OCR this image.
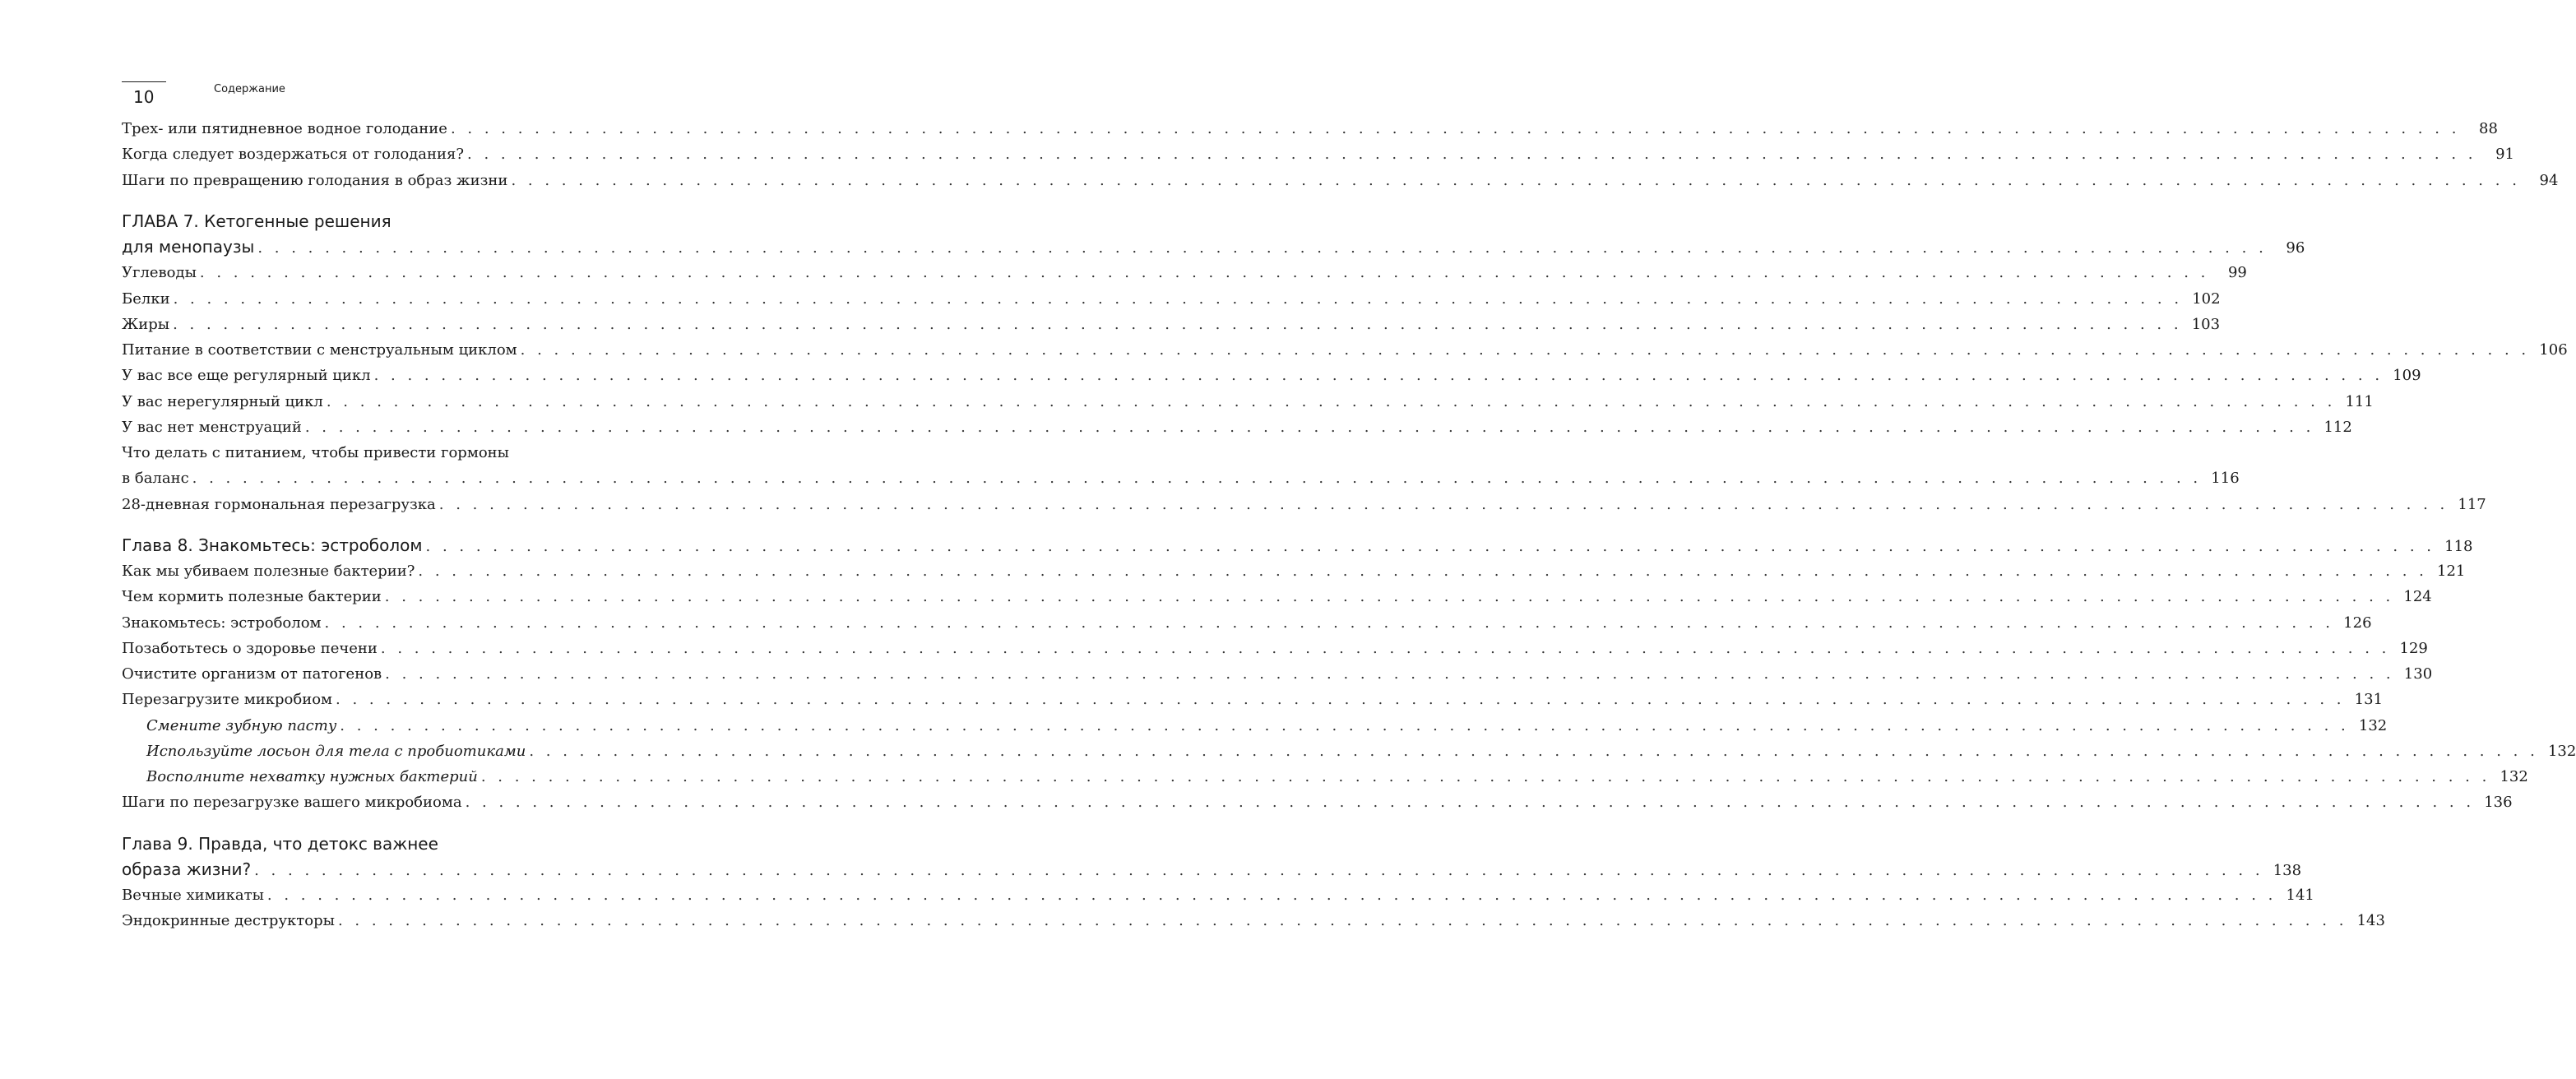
10	Содержание
Трех- или пятидневное водное голодание . . . . . . . . . . . . . . . . . . . . . . . . . . . . . . . . . . . . . . . . . . . . . . . . . . . . . . . . . . . . . . . . . . . . . . . . . . . . . . . . . . . . . . . . . . . . . . . . . . . . . . . . . . . . . . . . . . . . . . . .	88
Когда следует воздержаться от голодания? . . . . . . . . . . . . . . . . . . . . . . . . . . . . . . . . . . . . . . . . . . . . . . . . . . . . . . . . . . . . . . . . . . . . . . . . . . . . . . . . . . . . . . . . . . . . . . . . . . . . . . . . . . . . . . . . . . . . . . . .	91
Шаги по превращению голодания в образ жизни . . . . . . . . . . . . . . . . . . . . . . . . . . . . . . . . . . . . . . . . . . . . . . . . . . . . . . . . . . . . . . . . . . . . . . . . . . . . . . . . . . . . . . . . . . . . . . . . . . . . . . . . . . . . . . . . . . . . . . . .	94
ГЛАВА 7. Кетогенные решения
для менопаузы . . . . . . . . . . . . . . . . . . . . . . . . . . . . . . . . . . . . . . . . . . . . . . . . . . . . . . . . . . . . . . . . . . . . . . . . . . . . . . . . . . . . . . . . . . . . . . . . . . . . . . . . . . . . . . . . . . . . . . . .	96
Углеводы . . . . . . . . . . . . . . . . . . . . . . . . . . . . . . . . . . . . . . . . . . . . . . . . . . . . . . . . . . . . . . . . . . . . . . . . . . . . . . . . . . . . . . . . . . . . . . . . . . . . . . . . . . . . . . . . . . . . . . . .	99
Белки . . . . . . . . . . . . . . . . . . . . . . . . . . . . . . . . . . . . . . . . . . . . . . . . . . . . . . . . . . . . . . . . . . . . . . . . . . . . . . . . . . . . . . . . . . . . . . . . . . . . . . . . . . . . . . . . . . . . . . . . 102
Жиры . . . . . . . . . . . . . . . . . . . . . . . . . . . . . . . . . . . . . . . . . . . . . . . . . . . . . . . . . . . . . . . . . . . . . . . . . . . . . . . . . . . . . . . . . . . . . . . . . . . . . . . . . . . . . . . . . . . . . . . . 103
Питание в соответствии с менструальным циклом . . . . . . . . . . . . . . . . . . . . . . . . . . . . . . . . . . . . . . . . . . . . . . . . . . . . . . . . . . . . . . . . . . . . . . . . . . . . . . . . . . . . . . . . . . . . . . . . . . . . . . . . . . . . . . . . . . . . . . . . 106
У вас все еще регулярный цикл . . . . . . . . . . . . . . . . . . . . . . . . . . . . . . . . . . . . . . . . . . . . . . . . . . . . . . . . . . . . . . . . . . . . . . . . . . . . . . . . . . . . . . . . . . . . . . . . . . . . . . . . . . . . . . . . . . . . . . . . 109
У вас нерегулярный цикл . . . . . . . . . . . . . . . . . . . . . . . . . . . . . . . . . . . . . . . . . . . . . . . . . . . . . . . . . . . . . . . . . . . . . . . . . . . . . . . . . . . . . . . . . . . . . . . . . . . . . . . . . . . . . . . . . . . . . . . . 111
У вас нет менструаций . . . . . . . . . . . . . . . . . . . . . . . . . . . . . . . . . . . . . . . . . . . . . . . . . . . . . . . . . . . . . . . . . . . . . . . . . . . . . . . . . . . . . . . . . . . . . . . . . . . . . . . . . . . . . . . . . . . . . . . . 112
Что делать с питанием, чтобы привести гормоны
в баланс . . . . . . . . . . . . . . . . . . . . . . . . . . . . . . . . . . . . . . . . . . . . . . . . . . . . . . . . . . . . . . . . . . . . . . . . . . . . . . . . . . . . . . . . . . . . . . . . . . . . . . . . . . . . . . . . . . . . . . . . 116
28-дневная гормональная перезагрузка . . . . . . . . . . . . . . . . . . . . . . . . . . . . . . . . . . . . . . . . . . . . . . . . . . . . . . . . . . . . . . . . . . . . . . . . . . . . . . . . . . . . . . . . . . . . . . . . . . . . . . . . . . . . . . . . . . . . . . . . 117
Глава 8. Знакомьтесь: эстроболом . . . . . . . . . . . . . . . . . . . . . . . . . . . . . . . . . . . . . . . . . . . . . . . . . . . . . . . . . . . . . . . . . . . . . . . . . . . . . . . . . . . . . . . . . . . . . . . . . . . . . . . . . . . . . . . . . . . . . . . . 118
Как мы убиваем полезные бактерии? . . . . . . . . . . . . . . . . . . . . . . . . . . . . . . . . . . . . . . . . . . . . . . . . . . . . . . . . . . . . . . . . . . . . . . . . . . . . . . . . . . . . . . . . . . . . . . . . . . . . . . . . . . . . . . . . . . . . . . . . 121
Чем кормить полезные бактерии . . . . . . . . . . . . . . . . . . . . . . . . . . . . . . . . . . . . . . . . . . . . . . . . . . . . . . . . . . . . . . . . . . . . . . . . . . . . . . . . . . . . . . . . . . . . . . . . . . . . . . . . . . . . . . . . . . . . . . . . 124
Знакомьтесь: эстроболом . . . . . . . . . . . . . . . . . . . . . . . . . . . . . . . . . . . . . . . . . . . . . . . . . . . . . . . . . . . . . . . . . . . . . . . . . . . . . . . . . . . . . . . . . . . . . . . . . . . . . . . . . . . . . . . . . . . . . . . . 126
Позаботьтесь о здоровье печени . . . . . . . . . . . . . . . . . . . . . . . . . . . . . . . . . . . . . . . . . . . . . . . . . . . . . . . . . . . . . . . . . . . . . . . . . . . . . . . . . . . . . . . . . . . . . . . . . . . . . . . . . . . . . . . . . . . . . . . . 129
Очистите организм от патогенов . . . . . . . . . . . . . . . . . . . . . . . . . . . . . . . . . . . . . . . . . . . . . . . . . . . . . . . . . . . . . . . . . . . . . . . . . . . . . . . . . . . . . . . . . . . . . . . . . . . . . . . . . . . . . . . . . . . . . . . . 130
Перезагрузите микробиом . . . . . . . . . . . . . . . . . . . . . . . . . . . . . . . . . . . . . . . . . . . . . . . . . . . . . . . . . . . . . . . . . . . . . . . . . . . . . . . . . . . . . . . . . . . . . . . . . . . . . . . . . . . . . . . . . . . . . . . . 131
Смените зубную пасту . . . . . . . . . . . . . . . . . . . . . . . . . . . . . . . . . . . . . . . . . . . . . . . . . . . . . . . . . . . . . . . . . . . . . . . . . . . . . . . . . . . . . . . . . . . . . . . . . . . . . . . . . . . . . . . . . . . . . . . . 132
Используйте лосьон для тела с пробиотиками . . . . . . . . . . . . . . . . . . . . . . . . . . . . . . . . . . . . . . . . . . . . . . . . . . . . . . . . . . . . . . . . . . . . . . . . . . . . . . . . . . . . . . . . . . . . . . . . . . . . . . . . . . . . . . . . . . . . . . . . 132
Восполните нехватку нужных бактерий . . . . . . . . . . . . . . . . . . . . . . . . . . . . . . . . . . . . . . . . . . . . . . . . . . . . . . . . . . . . . . . . . . . . . . . . . . . . . . . . . . . . . . . . . . . . . . . . . . . . . . . . . . . . . . . . . . . . . . . . 132
Шаги по перезагрузке вашего микробиома . . . . . . . . . . . . . . . . . . . . . . . . . . . . . . . . . . . . . . . . . . . . . . . . . . . . . . . . . . . . . . . . . . . . . . . . . . . . . . . . . . . . . . . . . . . . . . . . . . . . . . . . . . . . . . . . . . . . . . . . 136
Глава 9. Правда, что детокс важнее
образа жизни? . . . . . . . . . . . . . . . . . . . . . . . . . . . . . . . . . . . . . . . . . . . . . . . . . . . . . . . . . . . . . . . . . . . . . . . . . . . . . . . . . . . . . . . . . . . . . . . . . . . . . . . . . . . . . . . . . . . . . . . . 138
Вечные химикаты . . . . . . . . . . . . . . . . . . . . . . . . . . . . . . . . . . . . . . . . . . . . . . . . . . . . . . . . . . . . . . . . . . . . . . . . . . . . . . . . . . . . . . . . . . . . . . . . . . . . . . . . . . . . . . . . . . . . . . . . 141
Эндокринные деструкторы . . . . . . . . . . . . . . . . . . . . . . . . . . . . . . . . . . . . . . . . . . . . . . . . . . . . . . . . . . . . . . . . . . . . . . . . . . . . . . . . . . . . . . . . . . . . . . . . . . . . . . . . . . . . . . . . . . . . . . . . 143
